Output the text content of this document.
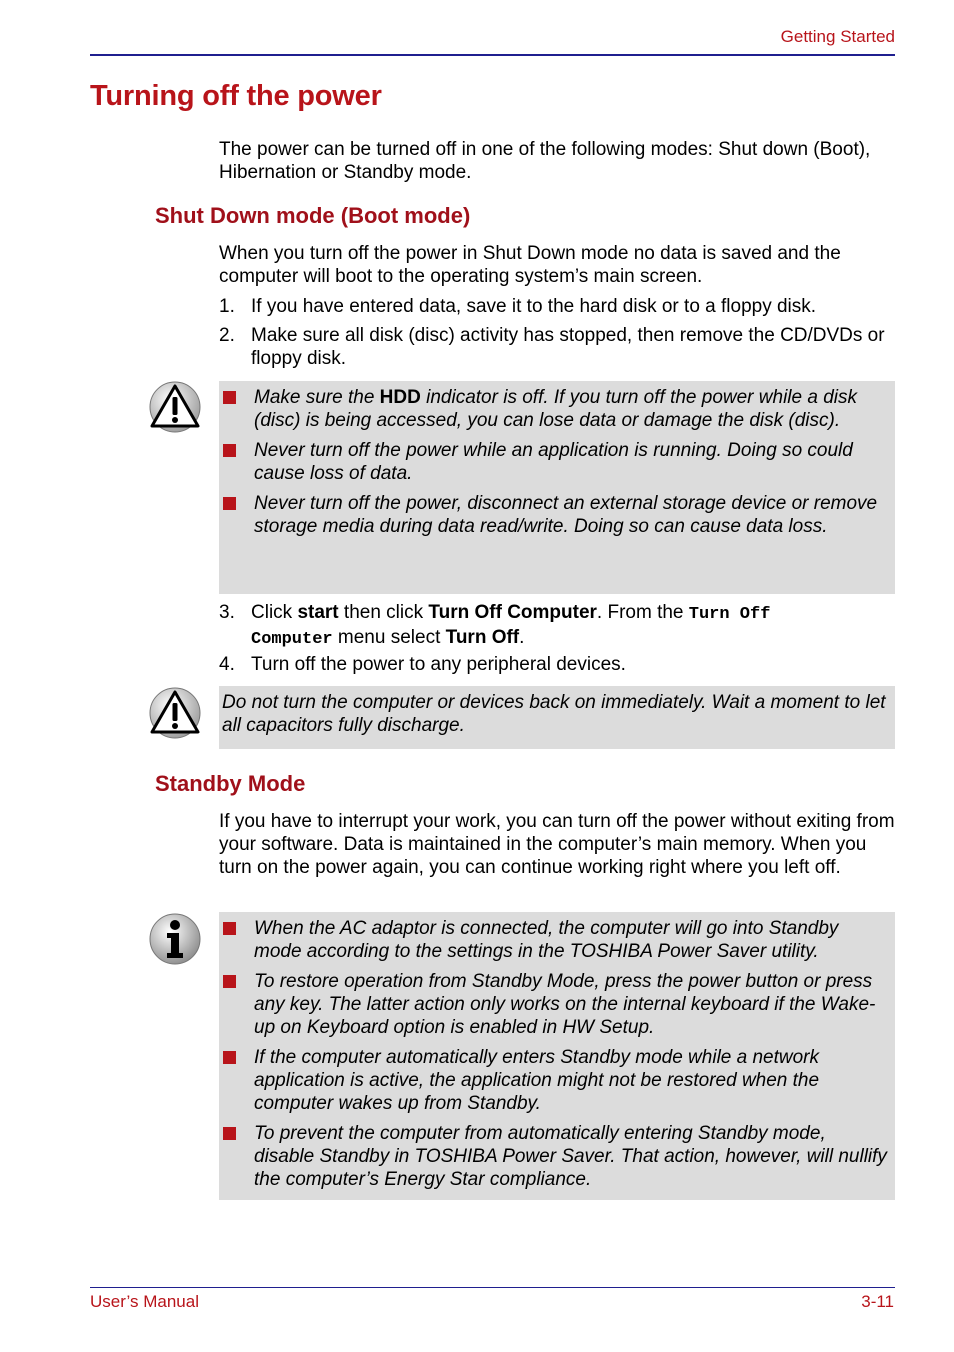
Getting Started
Turning off the power

The power can be turned off in one of the following modes: Shut down (Boot), Hibernation or Standby mode.

Shut Down mode (Boot mode)

When you turn off the power in Shut Down mode no data is saved and the computer will boot to the operating system’s main screen.

1. If you have entered data, save it to the hard disk or to a floppy disk.
2. Make sure all disk (disc) activity has stopped, then remove the CD/DVDs or floppy disk.
Make sure the HDD indicator is off. If you turn off the power while a disk (disc) is being accessed, you can lose data or damage the disk (disc).
Never turn off the power while an application is running. Doing so could cause loss of data.
Never turn off the power, disconnect an external storage device or remove storage media during data read/write. Doing so can cause data loss.
3. Click start then click Turn Off Computer. From the Turn Off
Computer menu select Turn Off.
4. Turn off the power to any peripheral devices.
Do not turn the computer or devices back on immediately. Wait a moment to let all capacitors fully discharge.
Standby Mode

If you have to interrupt your work, you can turn off the power without exiting from your software. Data is maintained in the computer’s main memory. When you turn on the power again, you can continue working right where you left off.

When the AC adaptor is connected, the computer will go into Standby mode according to the settings in the TOSHIBA Power Saver utility.
To restore operation from Standby Mode, press the power button or press any key. The latter action only works on the internal keyboard if the Wake-up on Keyboard option is enabled in HW Setup.
If the computer automatically enters Standby mode while a network application is active, the application might not be restored when the computer wakes up from Standby.
To prevent the computer from automatically entering Standby mode, disable Standby in TOSHIBA Power Saver. That action, however, will nullify the computer’s Energy Star compliance.
User’s Manual	3-11
